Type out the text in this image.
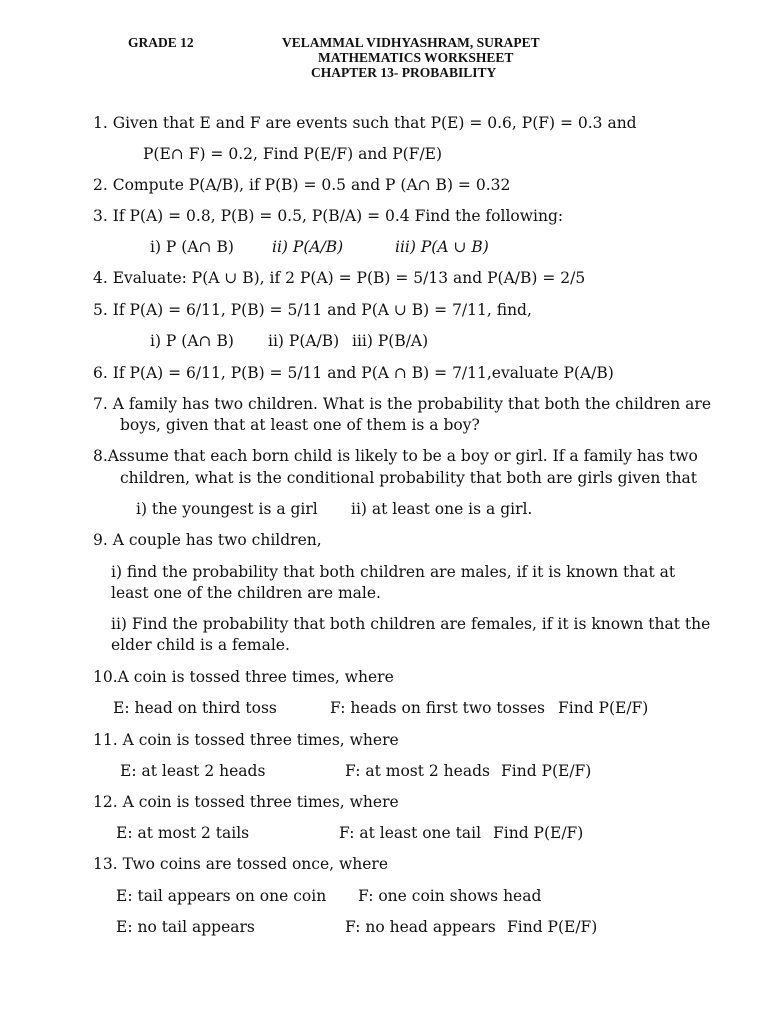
GRADE 12	VELAMMAL VIDHYASHRAM, SURAPET
MATHEMATICS WORKSHEET
CHAPTER 13- PROBABILITY
1. Given that E and F are events such that P(E) = 0.6, P(F) = 0.3 and
P(E∩ F) = 0.2, Find P(E/F) and P(F/E)
2. Compute P(A/B), if P(B) = 0.5 and P (A∩ B) = 0.32
3. If P(A) = 0.8, P(B) = 0.5, P(B/A) = 0.4 Find the following:
i) P (A∩ B) ii) P(A/B)	iii) P(A ∪ B)
4. Evaluate: P(A ∪ B), if 2 P(A) = P(B) = 5/13 and P(A/B) = 2/5
5. If P(A) = 6/11, P(B) = 5/11 and P(A ∪ B) = 7/11, find,
i) P (A∩ B) ii) P(A/B) iii) P(B/A)
6. If P(A) = 6/11, P(B) = 5/11 and P(A ∩ B) = 7/11,evaluate P(A/B)
7. A family has two children. What is the probability that both the children are
boys, given that at least one of them is a boy?
8.Assume that each born child is likely to be a boy or girl. If a family has two
children, what is the conditional probability that both are girls given that
i) the youngest is a girl ii) at least one is a girl.
9. A couple has two children,
i) find the probability that both children are males, if it is known that at
least one of the children are male.
ii) Find the probability that both children are females, if it is known that the
elder child is a female.
10.A coin is tossed three times, where
E: head on third toss	F: heads on first two tosses Find P(E/F)
11. A coin is tossed three times, where
E: at least 2 heads	F: at most 2 heads Find P(E/F)
12. A coin is tossed three times, where
E: at most 2 tails	F: at least one tail Find P(E/F)
13. Two coins are tossed once, where
E: tail appears on one coin F: one coin shows head
E: no tail appears	F: no head appears Find P(E/F)
